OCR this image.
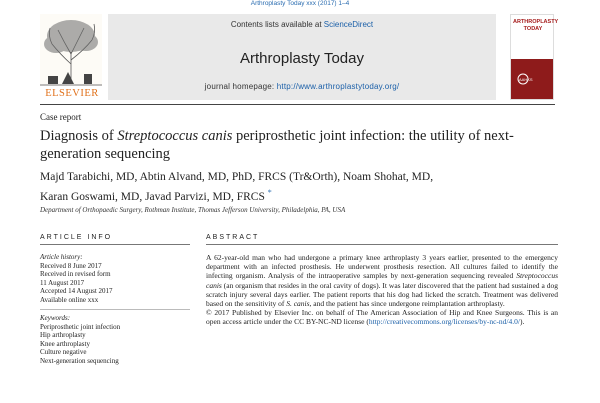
Arthroplasty Today xxx (2017) 1–4
ELSEVIER
Contents lists available at ScienceDirect
Arthroplasty Today
journal homepage: http://www.arthroplastytoday.org/
ARTHROPLASTY TODAY
AAHKS
Case report
Diagnosis of Streptococcus canis periprosthetic joint infection: the utility of next-generation sequencing
Majd Tarabichi, MD, Abtin Alvand, MD, PhD, FRCS (Tr&Orth), Noam Shohat, MD,
Karan Goswami, MD, Javad Parvizi, MD, FRCS *
Department of Orthopaedic Surgery, Rothman Institute, Thomas Jefferson University, Philadelphia, PA, USA
ARTICLE INFO
Article history:
Received 8 June 2017
Received in revised form
11 August 2017
Accepted 14 August 2017
Available online xxx
Keywords:
Periprosthetic joint infection
Hip arthroplasty
Knee arthroplasty
Culture negative
Next-generation sequencing
ABSTRACT

A 62-year-old man who had undergone a primary knee arthroplasty 3 years earlier, presented to the emergency department with an infected prosthesis. He underwent prosthesis resection. All cultures failed to identify the infecting organism. Analysis of the intraoperative samples by next-generation sequencing revealed Streptococcus canis (an organism that resides in the oral cavity of dogs). It was later discovered that the patient had sustained a dog scratch injury several days earlier. The patient reports that his dog had licked the scratch. Treatment was delivered based on the sensitivity of S. canis, and the patient has since undergone reimplantation arthroplasty.

© 2017 Published by Elsevier Inc. on behalf of The American Association of Hip and Knee Surgeons. This is an open access article under the CC BY-NC-ND license (http://creativecommons.org/licenses/by-nc-nd/4.0/).
